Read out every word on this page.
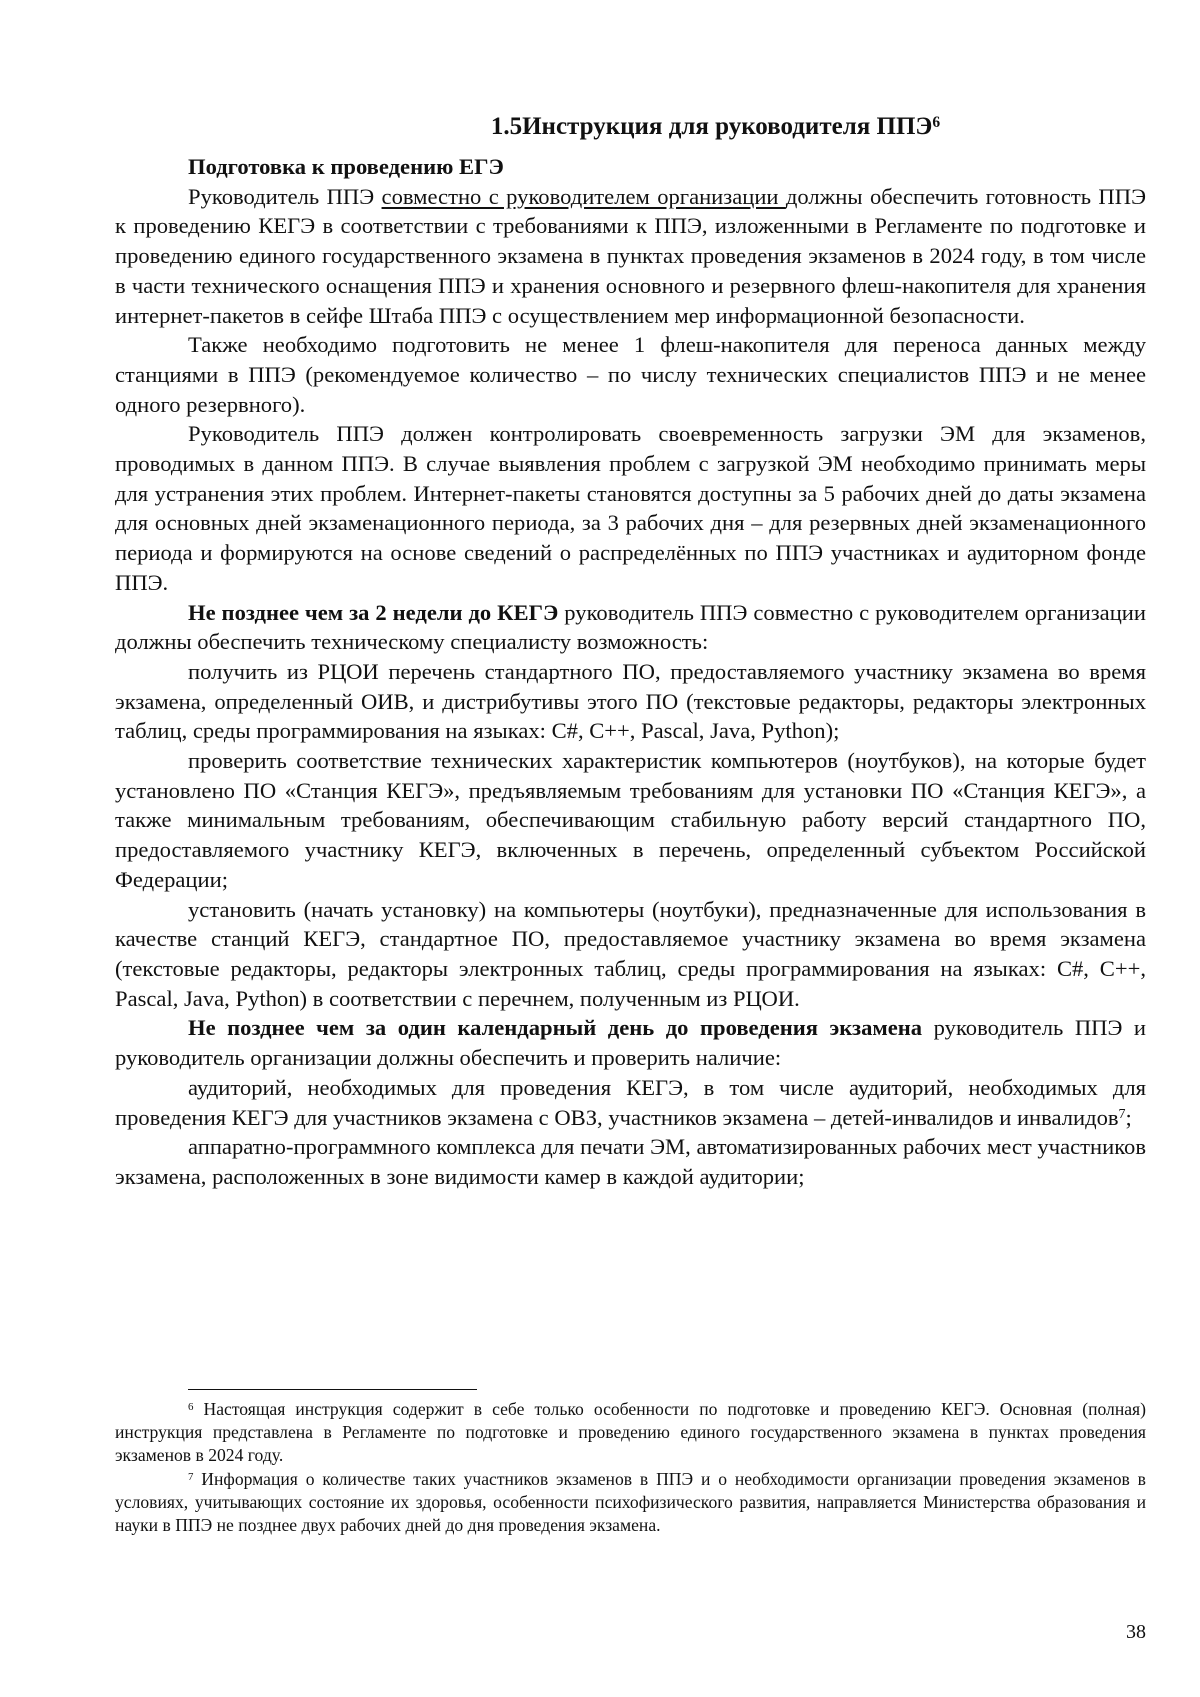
1.5Инструкция для руководителя ППЭ$^6$

Подготовка к проведению ЕГЭ

Руководитель ППЭ совместно с руководителем организации должны обеспечить готовность ППЭ к проведению КЕГЭ в соответствии с требованиями к ППЭ, изложенными в Регламенте по подготовке и проведению единого государственного экзамена в пунктах проведения экзаменов в 2024 году, в том числе в части технического оснащения ППЭ и хранения основного и резервного флеш-накопителя для хранения интернет-пакетов в сейфе Штаба ППЭ с осуществлением мер информационной безопасности.

Также необходимо подготовить не менее 1 флеш-накопителя для переноса данных между станциями в ППЭ (рекомендуемое количество – по числу технических специалистов ППЭ и не менее одного резервного).

Руководитель ППЭ должен контролировать своевременность загрузки ЭМ для экзаменов, проводимых в данном ППЭ. В случае выявления проблем с загрузкой ЭМ необходимо принимать меры для устранения этих проблем. Интернет-пакеты становятся доступны за 5 рабочих дней до даты экзамена для основных дней экзаменационного периода, за 3 рабочих дня – для резервных дней экзаменационного периода и формируются на основе сведений о распределённых по ППЭ участниках и аудиторном фонде ППЭ.

Не позднее чем за 2 недели до КЕГЭ руководитель ППЭ совместно с руководителем организации должны обеспечить техническому специалисту возможность:

получить из РЦОИ перечень стандартного ПО, предоставляемого участнику экзамена во время экзамена, определенный ОИВ, и дистрибутивы этого ПО (текстовые редакторы, редакторы электронных таблиц, среды программирования на языках: C#, C++, Pascal, Java, Python);

проверить соответствие технических характеристик компьютеров (ноутбуков), на которые будет установлено ПО «Станция КЕГЭ», предъявляемым требованиям для установки ПО «Станция КЕГЭ», а также минимальным требованиям, обеспечивающим стабильную работу версий стандартного ПО, предоставляемого участнику КЕГЭ, включенных в перечень, определенный субъектом Российской Федерации;

установить (начать установку) на компьютеры (ноутбуки), предназначенные для использования в качестве станций КЕГЭ, стандартное ПО, предоставляемое участнику экзамена во время экзамена (текстовые редакторы, редакторы электронных таблиц, среды программирования на языках: C#, C++, Pascal, Java, Python) в соответствии с перечнем, полученным из РЦОИ.

Не позднее чем за один календарный день до проведения экзамена руководитель ППЭ и руководитель организации должны обеспечить и проверить наличие:

аудиторий, необходимых для проведения КЕГЭ, в том числе аудиторий, необходимых для проведения КЕГЭ для участников экзамена с ОВЗ, участников экзамена – детей-инвалидов и инвалидов$^7$;

аппаратно-программного комплекса для печати ЭМ, автоматизированных рабочих мест участников экзамена, расположенных в зоне видимости камер в каждой аудитории;

$^6$ Настоящая инструкция содержит в себе только особенности по подготовке и проведению КЕГЭ. Основная (полная) инструкция представлена в Регламенте по подготовке и проведению единого государственного экзамена в пунктах проведения экзаменов в 2024 году.

$^7$ Информация о количестве таких участников экзаменов в ППЭ и о необходимости организации проведения экзаменов в условиях, учитывающих состояние их здоровья, особенности психофизического развития, направляется Министерства образования и науки в ППЭ не позднее двух рабочих дней до дня проведения экзамена.

38
